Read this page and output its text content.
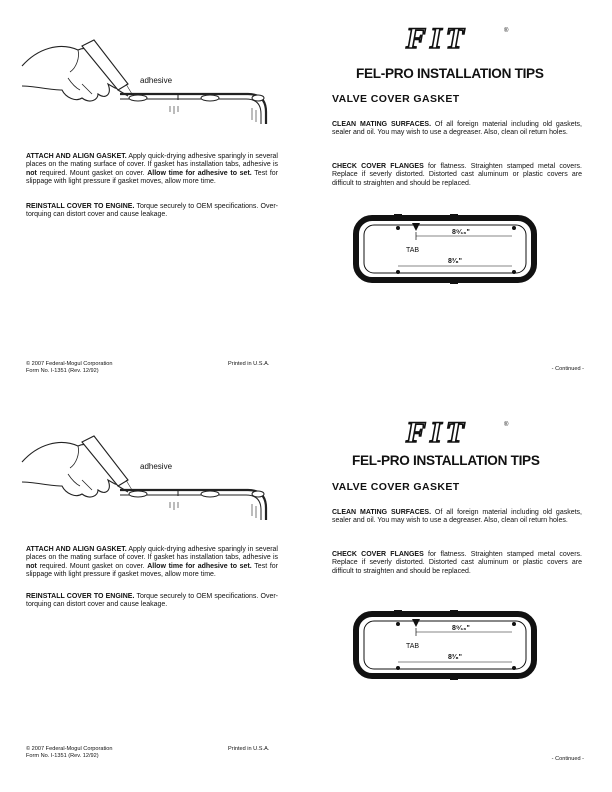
adhesive
ATTACH AND ALIGN GASKET. Apply quick-drying adhesive sparingly in several places on the mating surface of cover. If gasket has installation tabs, adhesive is not required. Mount gasket on cover. Allow time for adhesive to set. Test for slippage with light pressure if gasket moves, allow more time.
REINSTALL COVER TO ENGINE. Torque securely to OEM specifications. Over-torquing can distort cover and cause leakage.
© 2007 Federal-Mogul Corporation
Form No. I-1351 (Rev. 12/92)
Printed in U.S.A.
FIT	®
FEL-PRO INSTALLATION TIPS
VALVE COVER GASKET
CLEAN MATING SURFACES. Of all foreign material including old gaskets, sealer and oil. You may wish to use a degreaser. Also, clean oil return holes.
CHECK COVER FLANGES for flatness. Straighten stamped metal covers. Replace if severly distorted. Distorted cast aluminum or plastic covers are difficult to straighten and should be replaced.
8⁹⁄₁₆"
TAB
8³⁄₈"
- Continued -
adhesive
ATTACH AND ALIGN GASKET. Apply quick-drying adhesive sparingly in several places on the mating surface of cover. If gasket has installation tabs, adhesive is not required. Mount gasket on cover. Allow time for adhesive to set. Test for slippage with light pressure if gasket moves, allow more time.
REINSTALL COVER TO ENGINE. Torque securely to OEM specifications. Over-torquing can distort cover and cause leakage.
© 2007 Federal-Mogul Corporation
Form No. I-1351 (Rev. 12/92)
Printed in U.S.A.
FIT	®
FEL-PRO INSTALLATION TIPS
VALVE COVER GASKET
CLEAN MATING SURFACES. Of all foreign material including old gaskets, sealer and oil. You may wish to use a degreaser. Also, clean oil return holes.
CHECK COVER FLANGES for flatness. Straighten stamped metal covers. Replace if severly distorted. Distorted cast aluminum or plastic covers are difficult to straighten and should be replaced.
8⁹⁄₁₆"
TAB
8³⁄₈"
- Continued -
